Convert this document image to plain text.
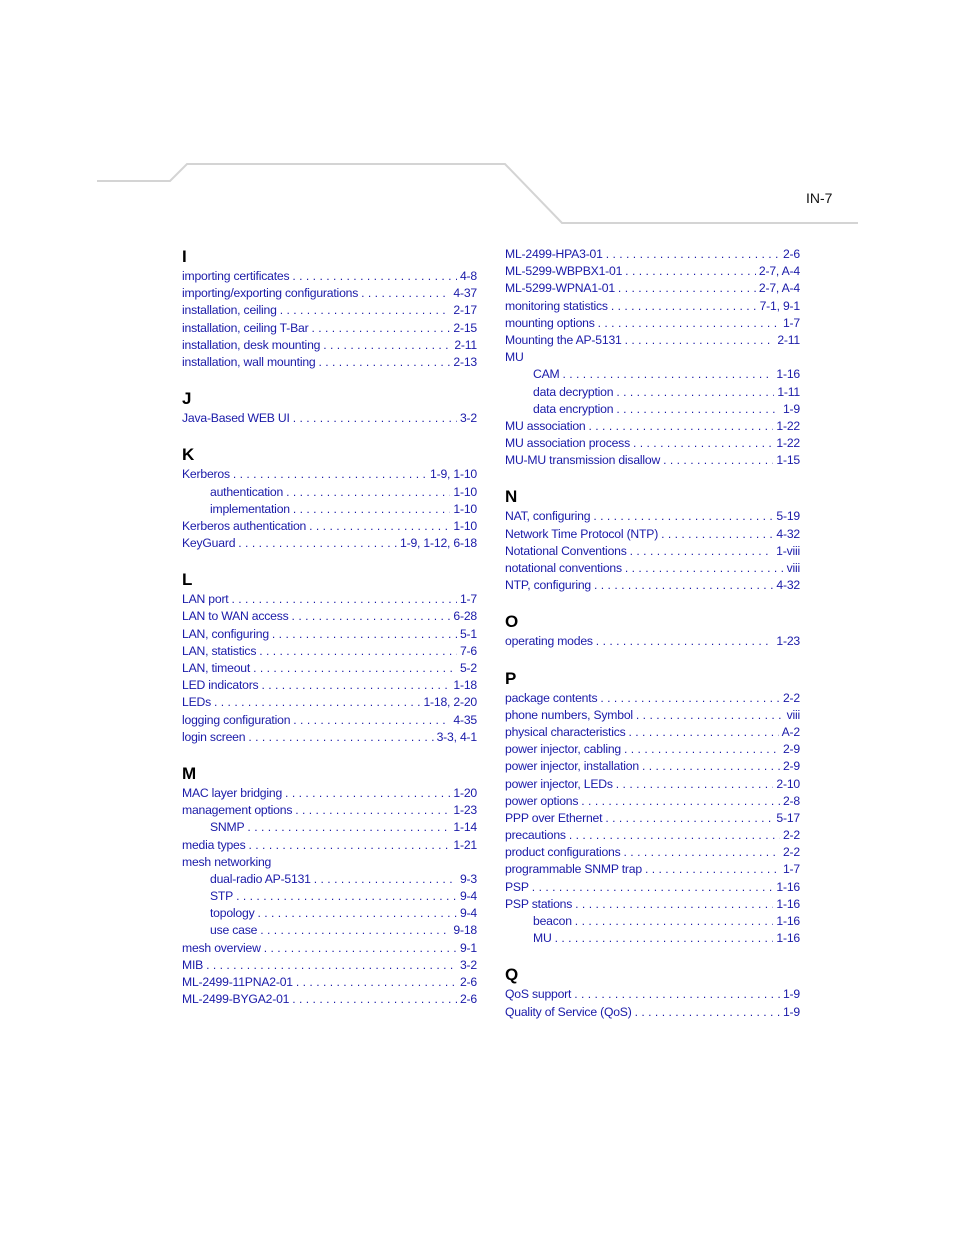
IN-7
I
importing certificates . . .	4-8
importing/exporting configurations . . .	4-37
installation, ceiling . . .	2-17
installation, ceiling T-Bar . . .	2-15
installation, desk mounting . . .	2-11
installation, wall mounting . . .	2-13
J
Java-Based WEB UI . . .	3-2
K
Kerberos . . .	1-9, 1-10
authentication . . .	1-10
implementation . . .	1-10
Kerberos authentication . . .	1-10
KeyGuard . . .	1-9, 1-12, 6-18
L
LAN port . . .	1-7
LAN to WAN access . . .	6-28
LAN, configuring . . .	5-1
LAN, statistics . . .	7-6
LAN, timeout . . .	5-2
LED indicators . . .	1-18
LEDs . . .	1-18, 2-20
logging configuration . . .	4-35
login screen . . .	3-3, 4-1
M
MAC layer bridging . . .	1-20
management options . . .	1-23
SNMP . . .	1-14
media types . . .	1-21
mesh networking
dual-radio AP-5131 . . .	9-3
STP . . .	9-4
topology . . .	9-4
use case . . .	9-18
mesh overview . . .	9-1
MIB . . .	3-2
ML-2499-11PNA2-01 . . .	2-6
ML-2499-BYGA2-01 . . .	2-6
ML-2499-HPA3-01 . . .	2-6
ML-5299-WBPBX1-01 . . .	2-7, A-4
ML-5299-WPNA1-01 . . .	2-7, A-4
monitoring statistics . . .	7-1, 9-1
mounting options . . .	1-7
Mounting the AP-5131 . . .	2-11
MU
CAM . . .	1-16
data decryption . . .	1-11
data encryption . . .	1-9
MU association . . .	1-22
MU association process . . .	1-22
MU-MU transmission disallow . . .	1-15
N
NAT, configuring . . .	5-19
Network Time Protocol (NTP) . . .	4-32
Notational Conventions . . .	1-viii
notational conventions . . .	viii
NTP, configuring . . .	4-32
O
operating modes . . .	1-23
P
package contents . . .	2-2
phone numbers, Symbol . . .	viii
physical characteristics . . .	A-2
power injector, cabling . . .	2-9
power injector, installation . . .	2-9
power injector, LEDs . . .	2-10
power options . . .	2-8
PPP over Ethernet . . .	5-17
precautions . . .	2-2
product configurations . . .	2-2
programmable SNMP trap . . .	1-7
PSP . . .	1-16
PSP stations . . .	1-16
beacon . . .	1-16
MU . . .	1-16
Q
QoS support . . .	1-9
Quality of Service (QoS) . . .	1-9
